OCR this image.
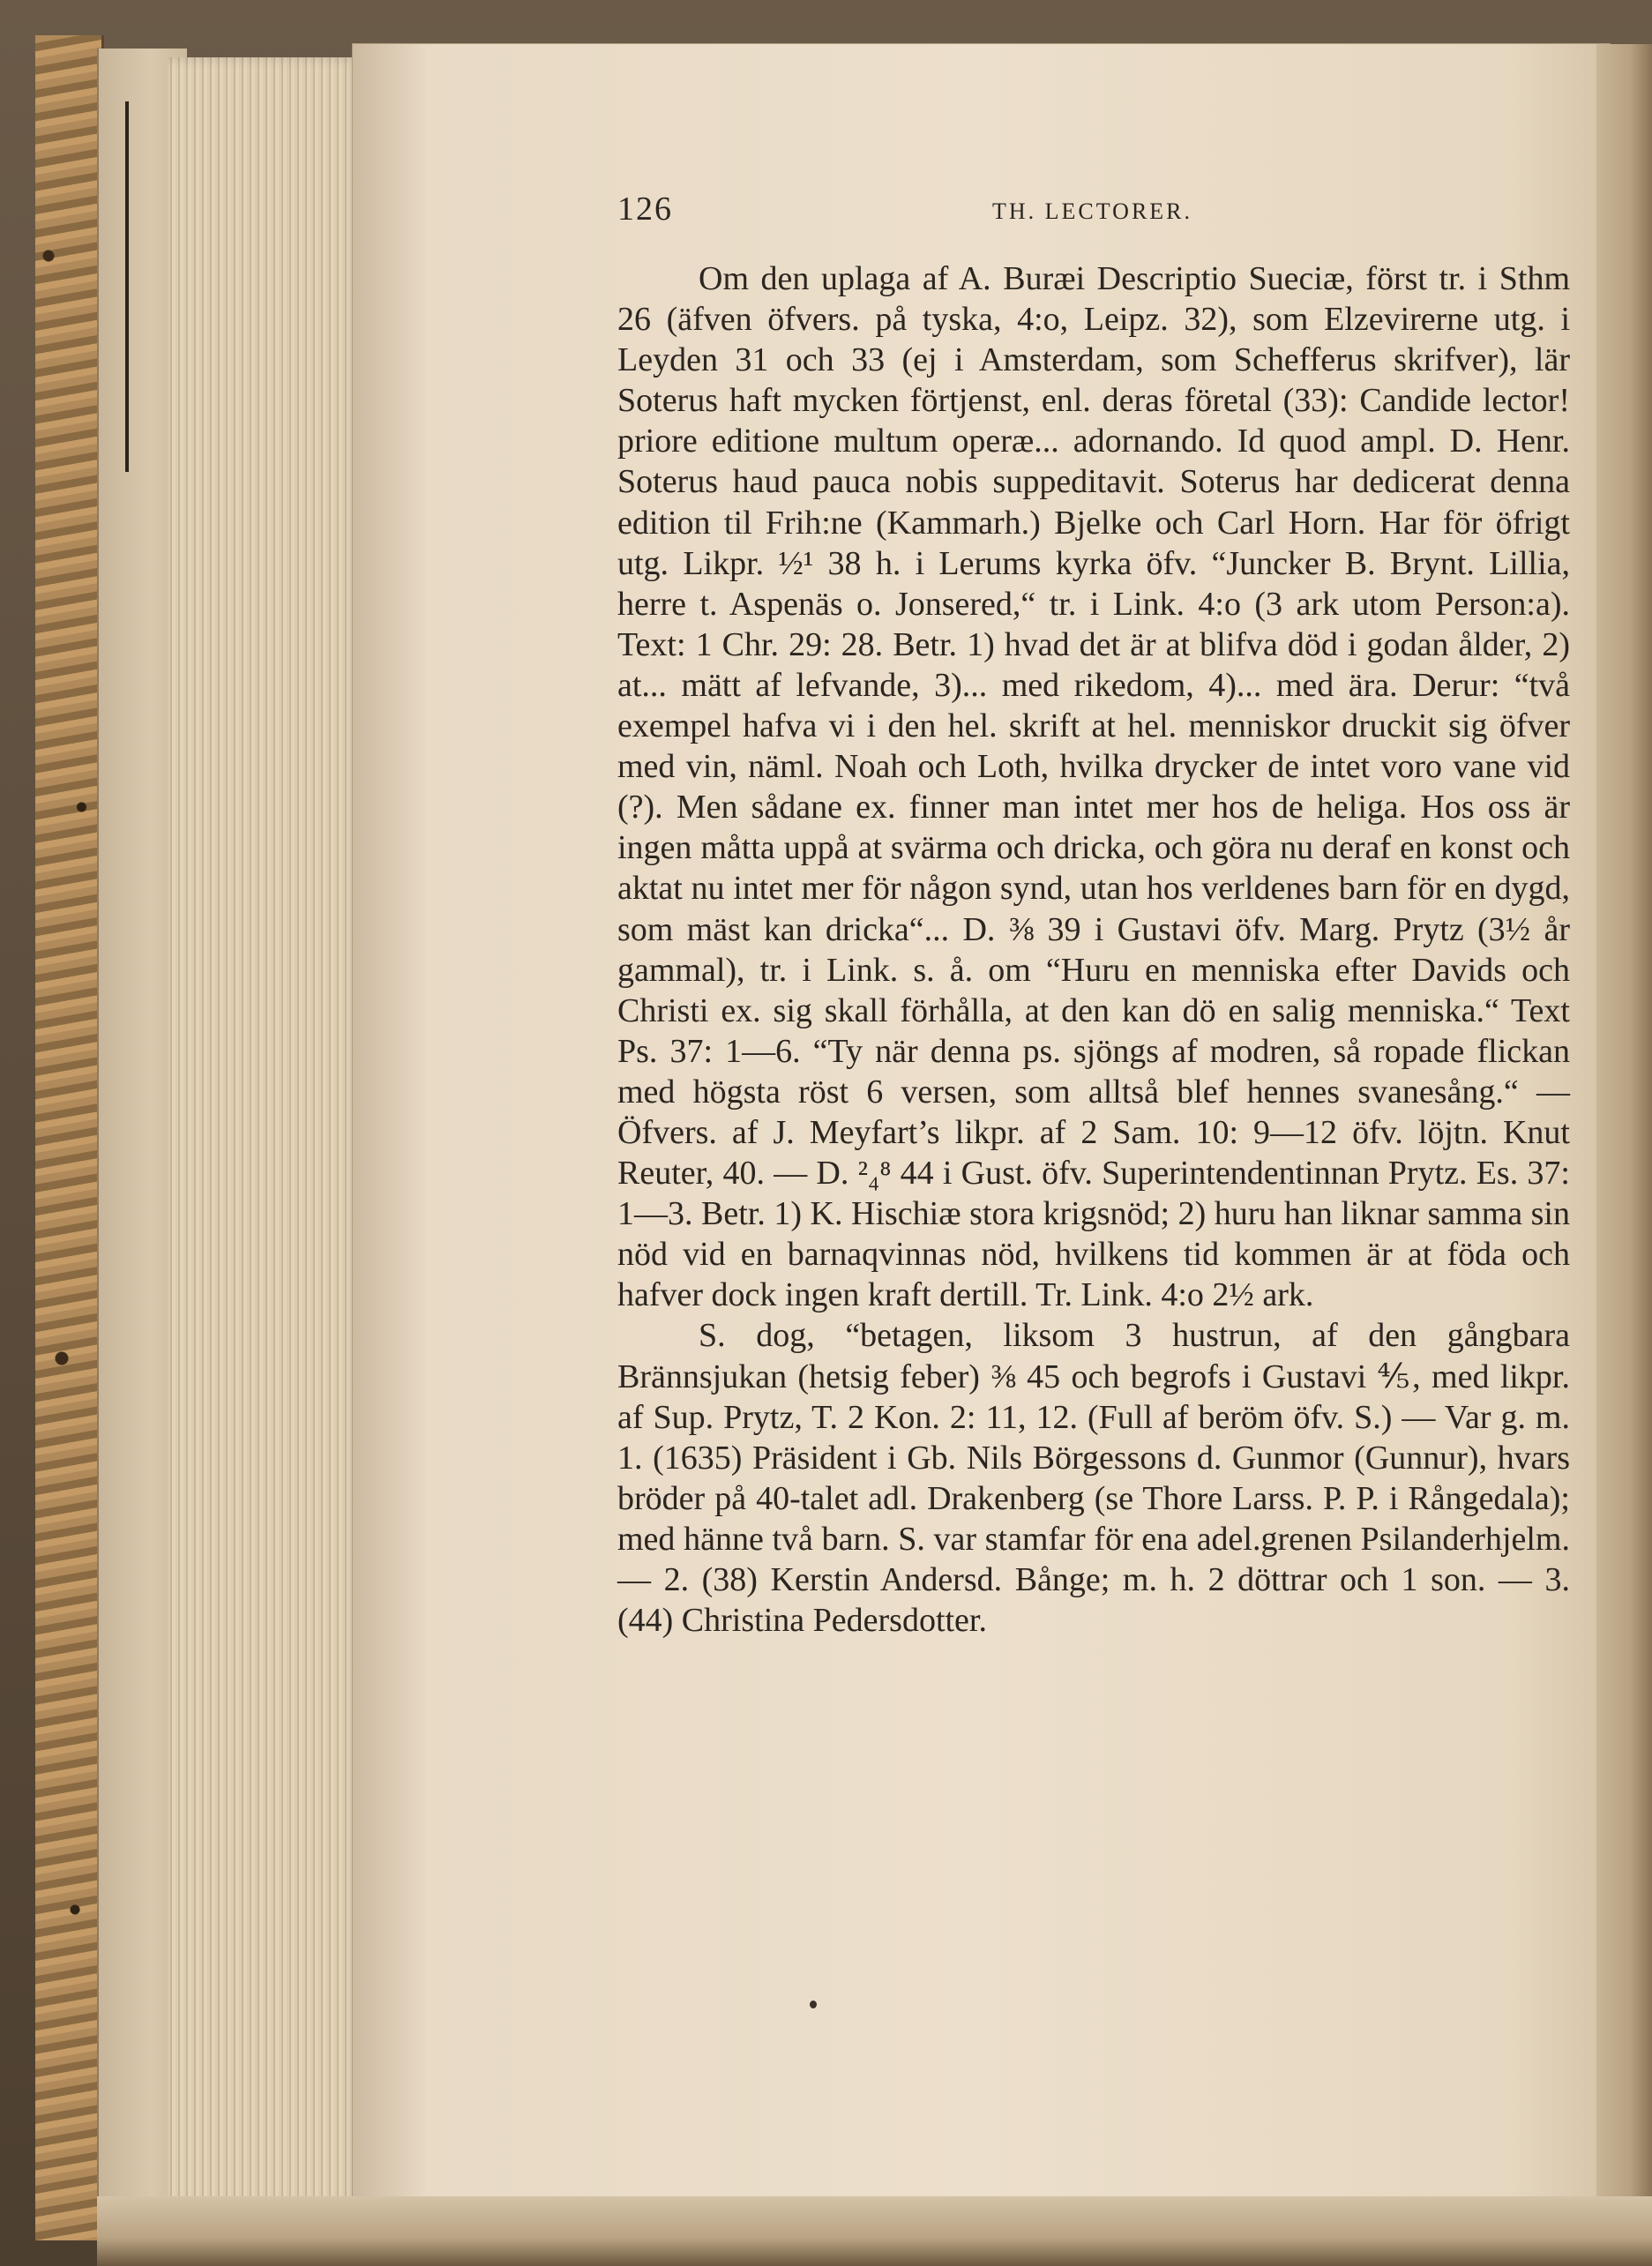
126	TH. LECTORER.

Om den uplaga af A. Buræi Descriptio Sueciæ, först tr. i Sthm 26 (äfven öfvers. på tyska, 4:o, Leipz. 32), som Elzevirerne utg. i Leyden 31 och 33 (ej i Amsterdam, som Schefferus skrifver), lär Soterus haft mycken förtjenst, enl. deras företal (33): Candide lector! priore editione multum operæ... adornando. Id quod ampl. D. Henr. Soterus haud pauca nobis suppeditavit. Soterus har dedicerat denna edition til Frih:ne (Kammarh.) Bjelke och Carl Horn. Har för öfrigt utg. Likpr. ½¹ 38 h. i Lerums kyrka öfv. “Juncker B. Brynt. Lillia, herre t. Aspenäs o. Jonsered,“ tr. i Link. 4:o (3 ark utom Person:a). Text: 1 Chr. 29: 28. Betr. 1) hvad det är at blifva död i godan ålder, 2) at... mätt af lefvande, 3)... med rikedom, 4)... med ära. Derur: “två exempel hafva vi i den hel. skrift at hel. menniskor druckit sig öfver med vin, näml. Noah och Loth, hvilka drycker de intet voro vane vid (?). Men sådane ex. finner man intet mer hos de heliga. Hos oss är ingen måtta uppå at svärma och dricka, och göra nu deraf en konst och aktat nu intet mer för någon synd, utan hos verldenes barn för en dygd, som mäst kan dricka“... D. ⅜ 39 i Gustavi öfv. Marg. Prytz (3½ år gammal), tr. i Link. s. å. om “Huru en menniska efter Davids och Christi ex. sig skall förhålla, at den kan dö en salig menniska.“ Text Ps. 37: 1—6. “Ty när denna ps. sjöngs af modren, så ropade flickan med högsta röst 6 versen, som alltså blef hennes svanesång.“ — Öfvers. af J. Meyfart’s likpr. af 2 Sam. 10: 9—12 öfv. löjtn. Knut Reuter, 40. — D. ²₄⁸ 44 i Gust. öfv. Superintendentinnan Prytz. Es. 37: 1—3. Betr. 1) K. Hischiæ stora krigsnöd; 2) huru han liknar samma sin nöd vid en barnaqvinnas nöd, hvilkens tid kommen är at föda och hafver dock ingen kraft dertill. Tr. Link. 4:o 2½ ark.

S. dog, “betagen, liksom 3 hustrun, af den gångbara Brännsjukan (hetsig feber) ⅜ 45 och begrofs i Gustavi ⅘, med likpr. af Sup. Prytz, T. 2 Kon. 2: 11, 12. (Full af beröm öfv. S.) — Var g. m. 1. (1635) Präsident i Gb. Nils Börgessons d. Gunmor (Gunnur), hvars bröder på 40-talet adl. Drakenberg (se Thore Larss. P. P. i Rångedala); med hänne två barn. S. var stamfar för ena adel.grenen Psilanderhjelm. — 2. (38) Kerstin Andersd. Bånge; m. h. 2 döttrar och 1 son. — 3. (44) Christina Pedersdotter.
